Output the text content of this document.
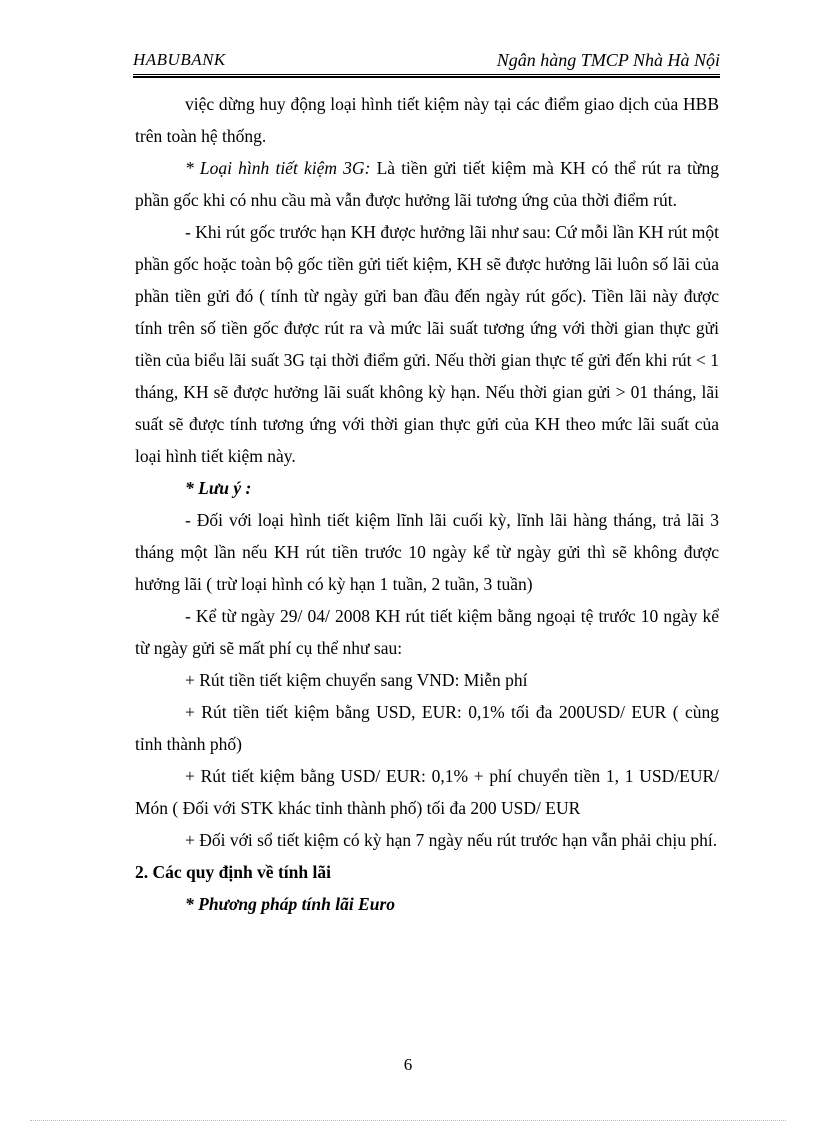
HABUBANK	Ngân hàng TMCP Nhà Hà Nội

việc dừng huy động loại hình tiết kiệm này tại các điểm giao dịch của HBB trên toàn hệ thống.

* Loại hình tiết kiệm 3G: Là tiền gửi tiết kiệm mà KH có thể rút ra từng phần gốc khi có nhu cầu mà vẫn được hưởng lãi tương ứng của thời điểm rút.

- Khi rút gốc trước hạn KH được hưởng lãi như sau: Cứ mỗi lần KH rút một phần gốc hoặc toàn bộ gốc tiền gửi tiết kiệm, KH sẽ được hưởng lãi luôn số lãi của phần tiền gửi đó ( tính từ ngày gửi ban đầu đến ngày rút gốc). Tiền lãi này được tính trên số tiền gốc được rút ra và mức lãi suất tương ứng với thời gian thực gửi tiền của biểu lãi suất 3G tại thời điểm gửi. Nếu thời gian thực tế gửi đến khi rút < 1 tháng, KH sẽ được hưởng lãi suất không kỳ hạn. Nếu thời gian gửi > 01 tháng, lãi suất sẽ được tính tương ứng với thời gian thực gửi của KH theo mức lãi suất của loại hình tiết kiệm này.

* Lưu ý :

- Đối với loại hình tiết kiệm lĩnh lãi cuối kỳ, lĩnh lãi hàng tháng, trả lãi 3 tháng một lần nếu KH rút tiền trước 10 ngày kể từ ngày gửi thì sẽ không được hưởng lãi ( trừ loại hình có kỳ hạn 1 tuần, 2 tuần, 3 tuần)

- Kể từ ngày 29/ 04/ 2008 KH rút tiết kiệm bằng ngoại tệ trước 10 ngày kể từ ngày gửi sẽ mất phí cụ thể như sau:

+ Rút tiền tiết kiệm chuyển sang VND: Miễn phí

+ Rút tiền tiết kiệm bằng USD, EUR: 0,1% tối đa 200USD/ EUR ( cùng tỉnh thành phố)

+ Rút tiết kiệm bằng USD/ EUR: 0,1% + phí chuyển tiền 1, 1 USD/EUR/ Món ( Đối với STK khác tỉnh thành phố) tối đa 200 USD/ EUR

+ Đối với sổ tiết kiệm có kỳ hạn 7 ngày nếu rút trước hạn vẫn phải chịu phí.

2. Các quy định về tính lãi

* Phương pháp tính lãi Euro

6
